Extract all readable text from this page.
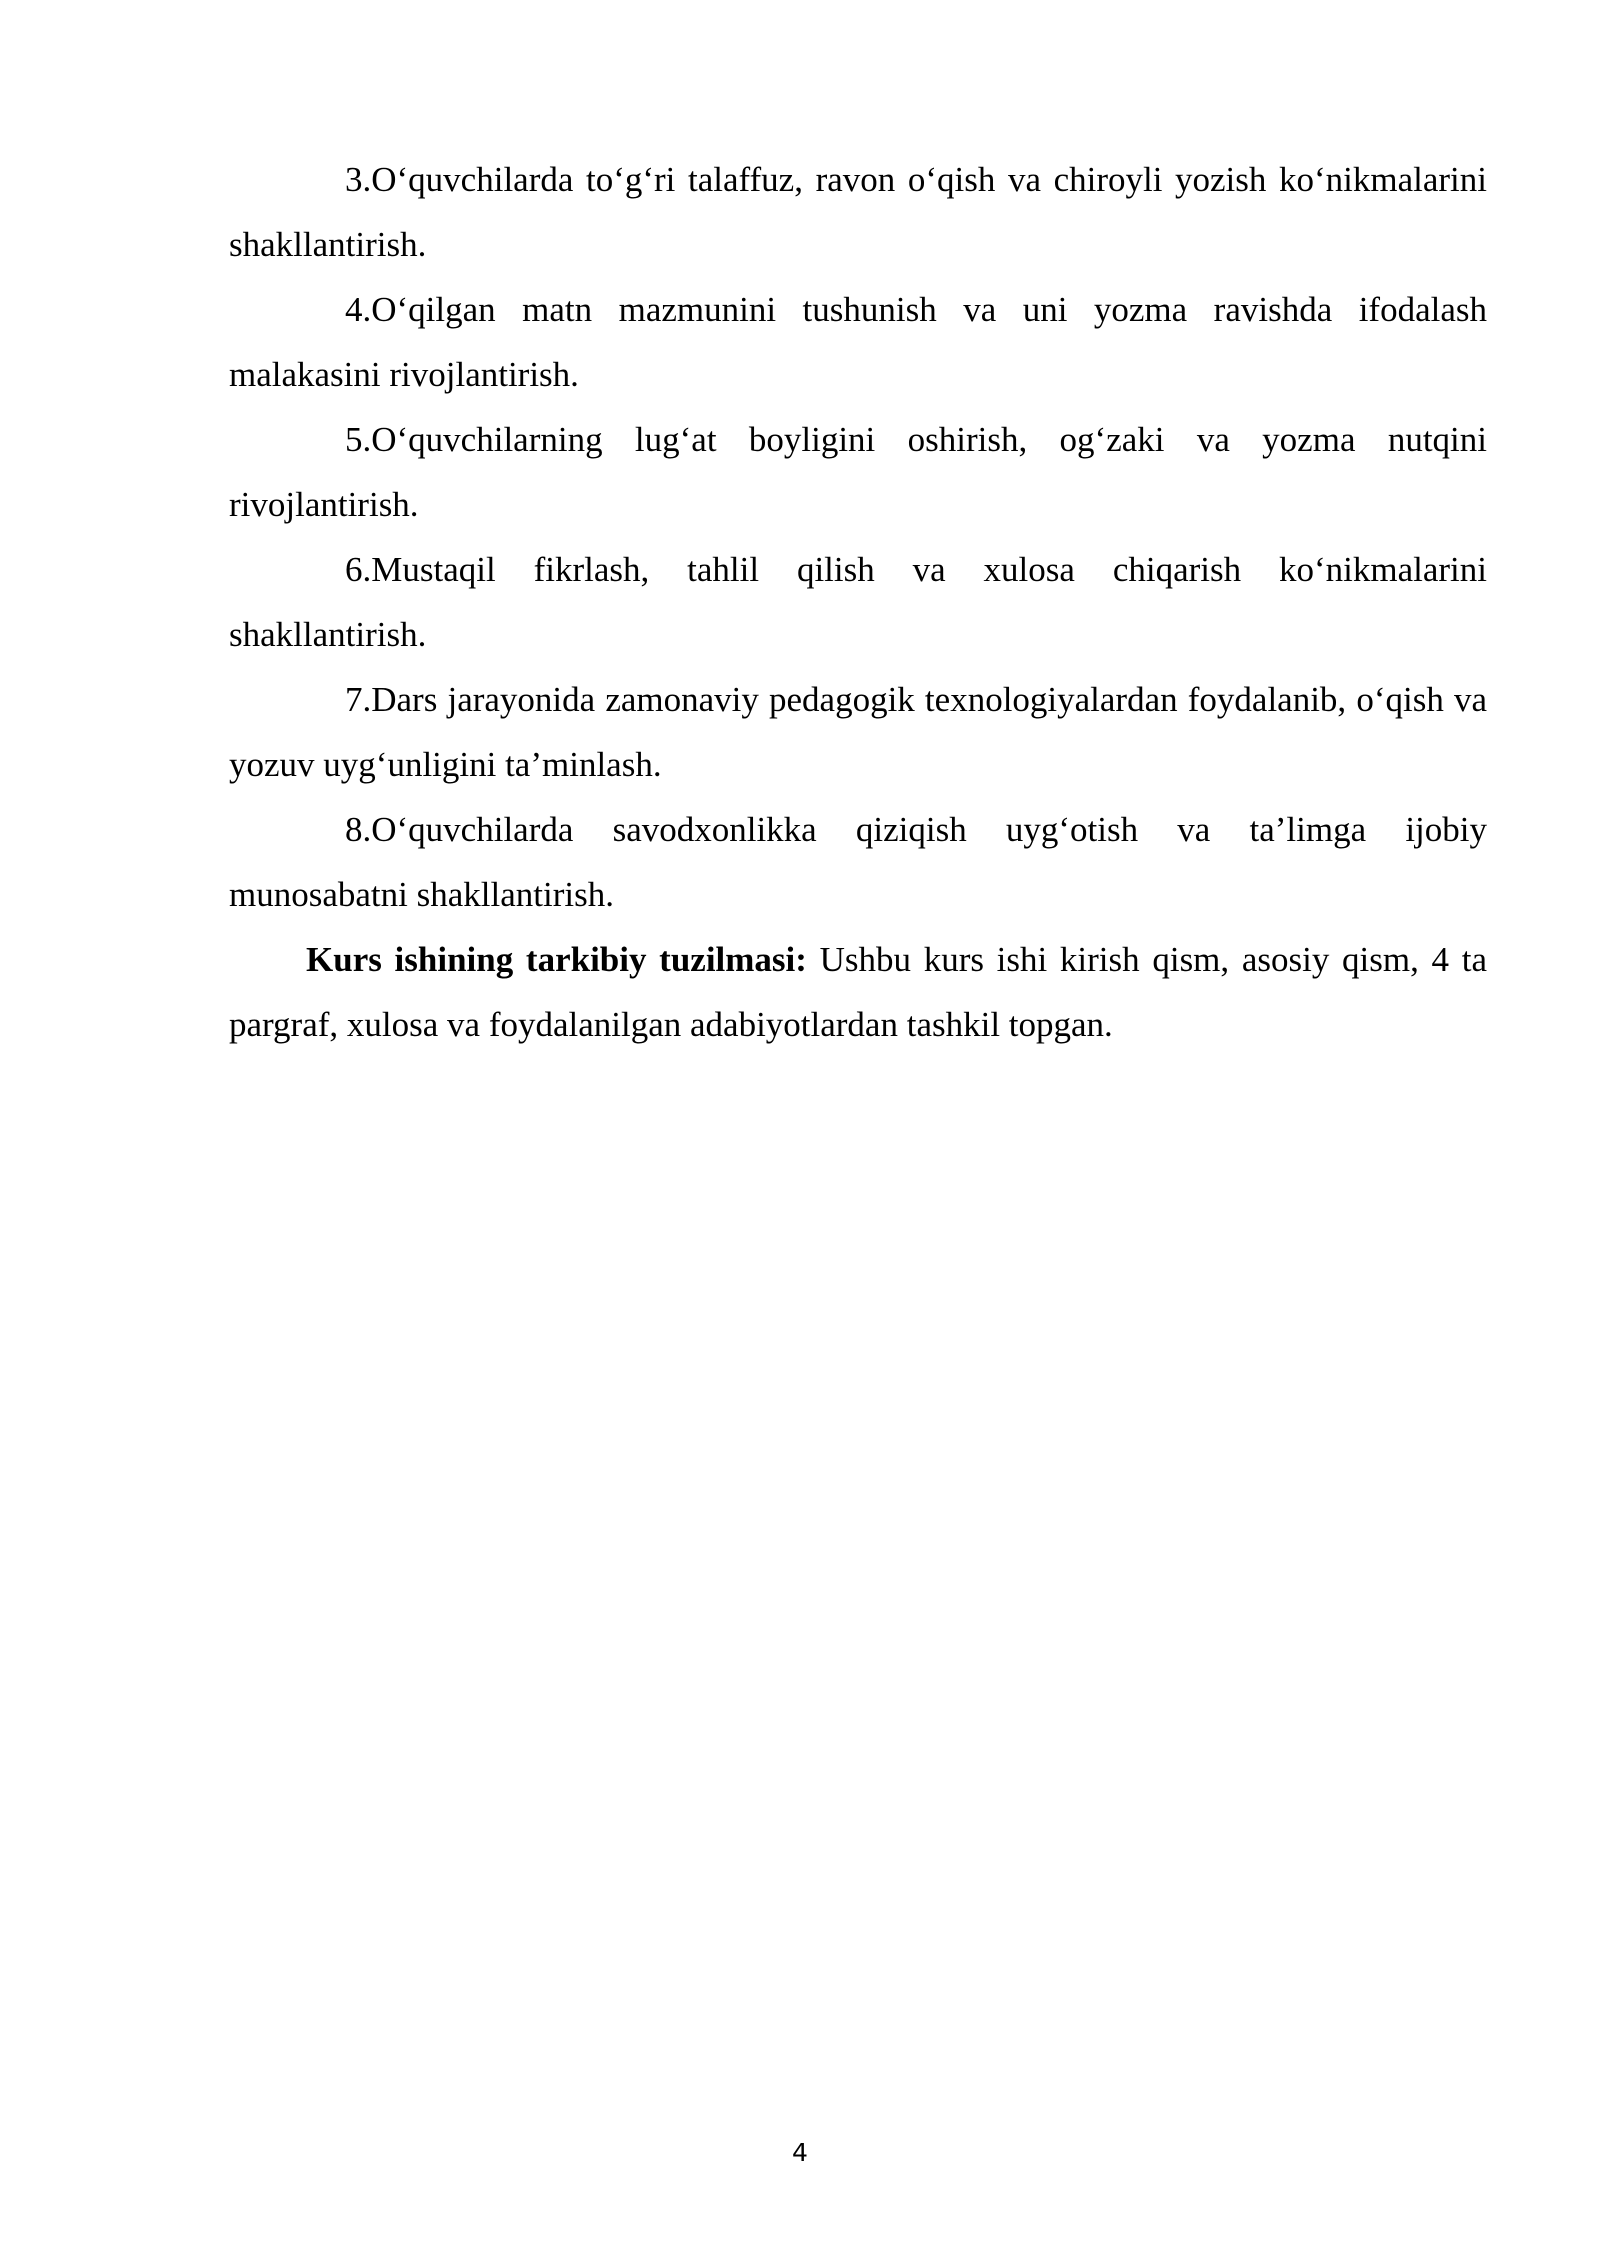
3.O‘quvchilarda to‘g‘ri talaffuz, ravon o‘qish va chiroyli yozish ko‘nikmalarini shakllantirish.

4.O‘qilgan matn mazmunini tushunish va uni yozma ravishda ifodalash malakasini rivojlantirish.

5.O‘quvchilarning lug‘at boyligini oshirish, og‘zaki va yozma nutqini rivojlantirish.

6.Mustaqil fikrlash, tahlil qilish va xulosa chiqarish ko‘nikmalarini shakllantirish.

7.Dars jarayonida zamonaviy pedagogik texnologiyalardan foydalanib, o‘qish va yozuv uyg‘unligini ta’minlash.

8.O‘quvchilarda savodxonlikka qiziqish uyg‘otish va ta’limga ijobiy munosabatni shakllantirish.

Kurs ishining tarkibiy tuzilmasi: Ushbu kurs ishi kirish qism, asosiy qism, 4 ta pargraf, xulosa va foydalanilgan adabiyotlardan tashkil topgan.

4
